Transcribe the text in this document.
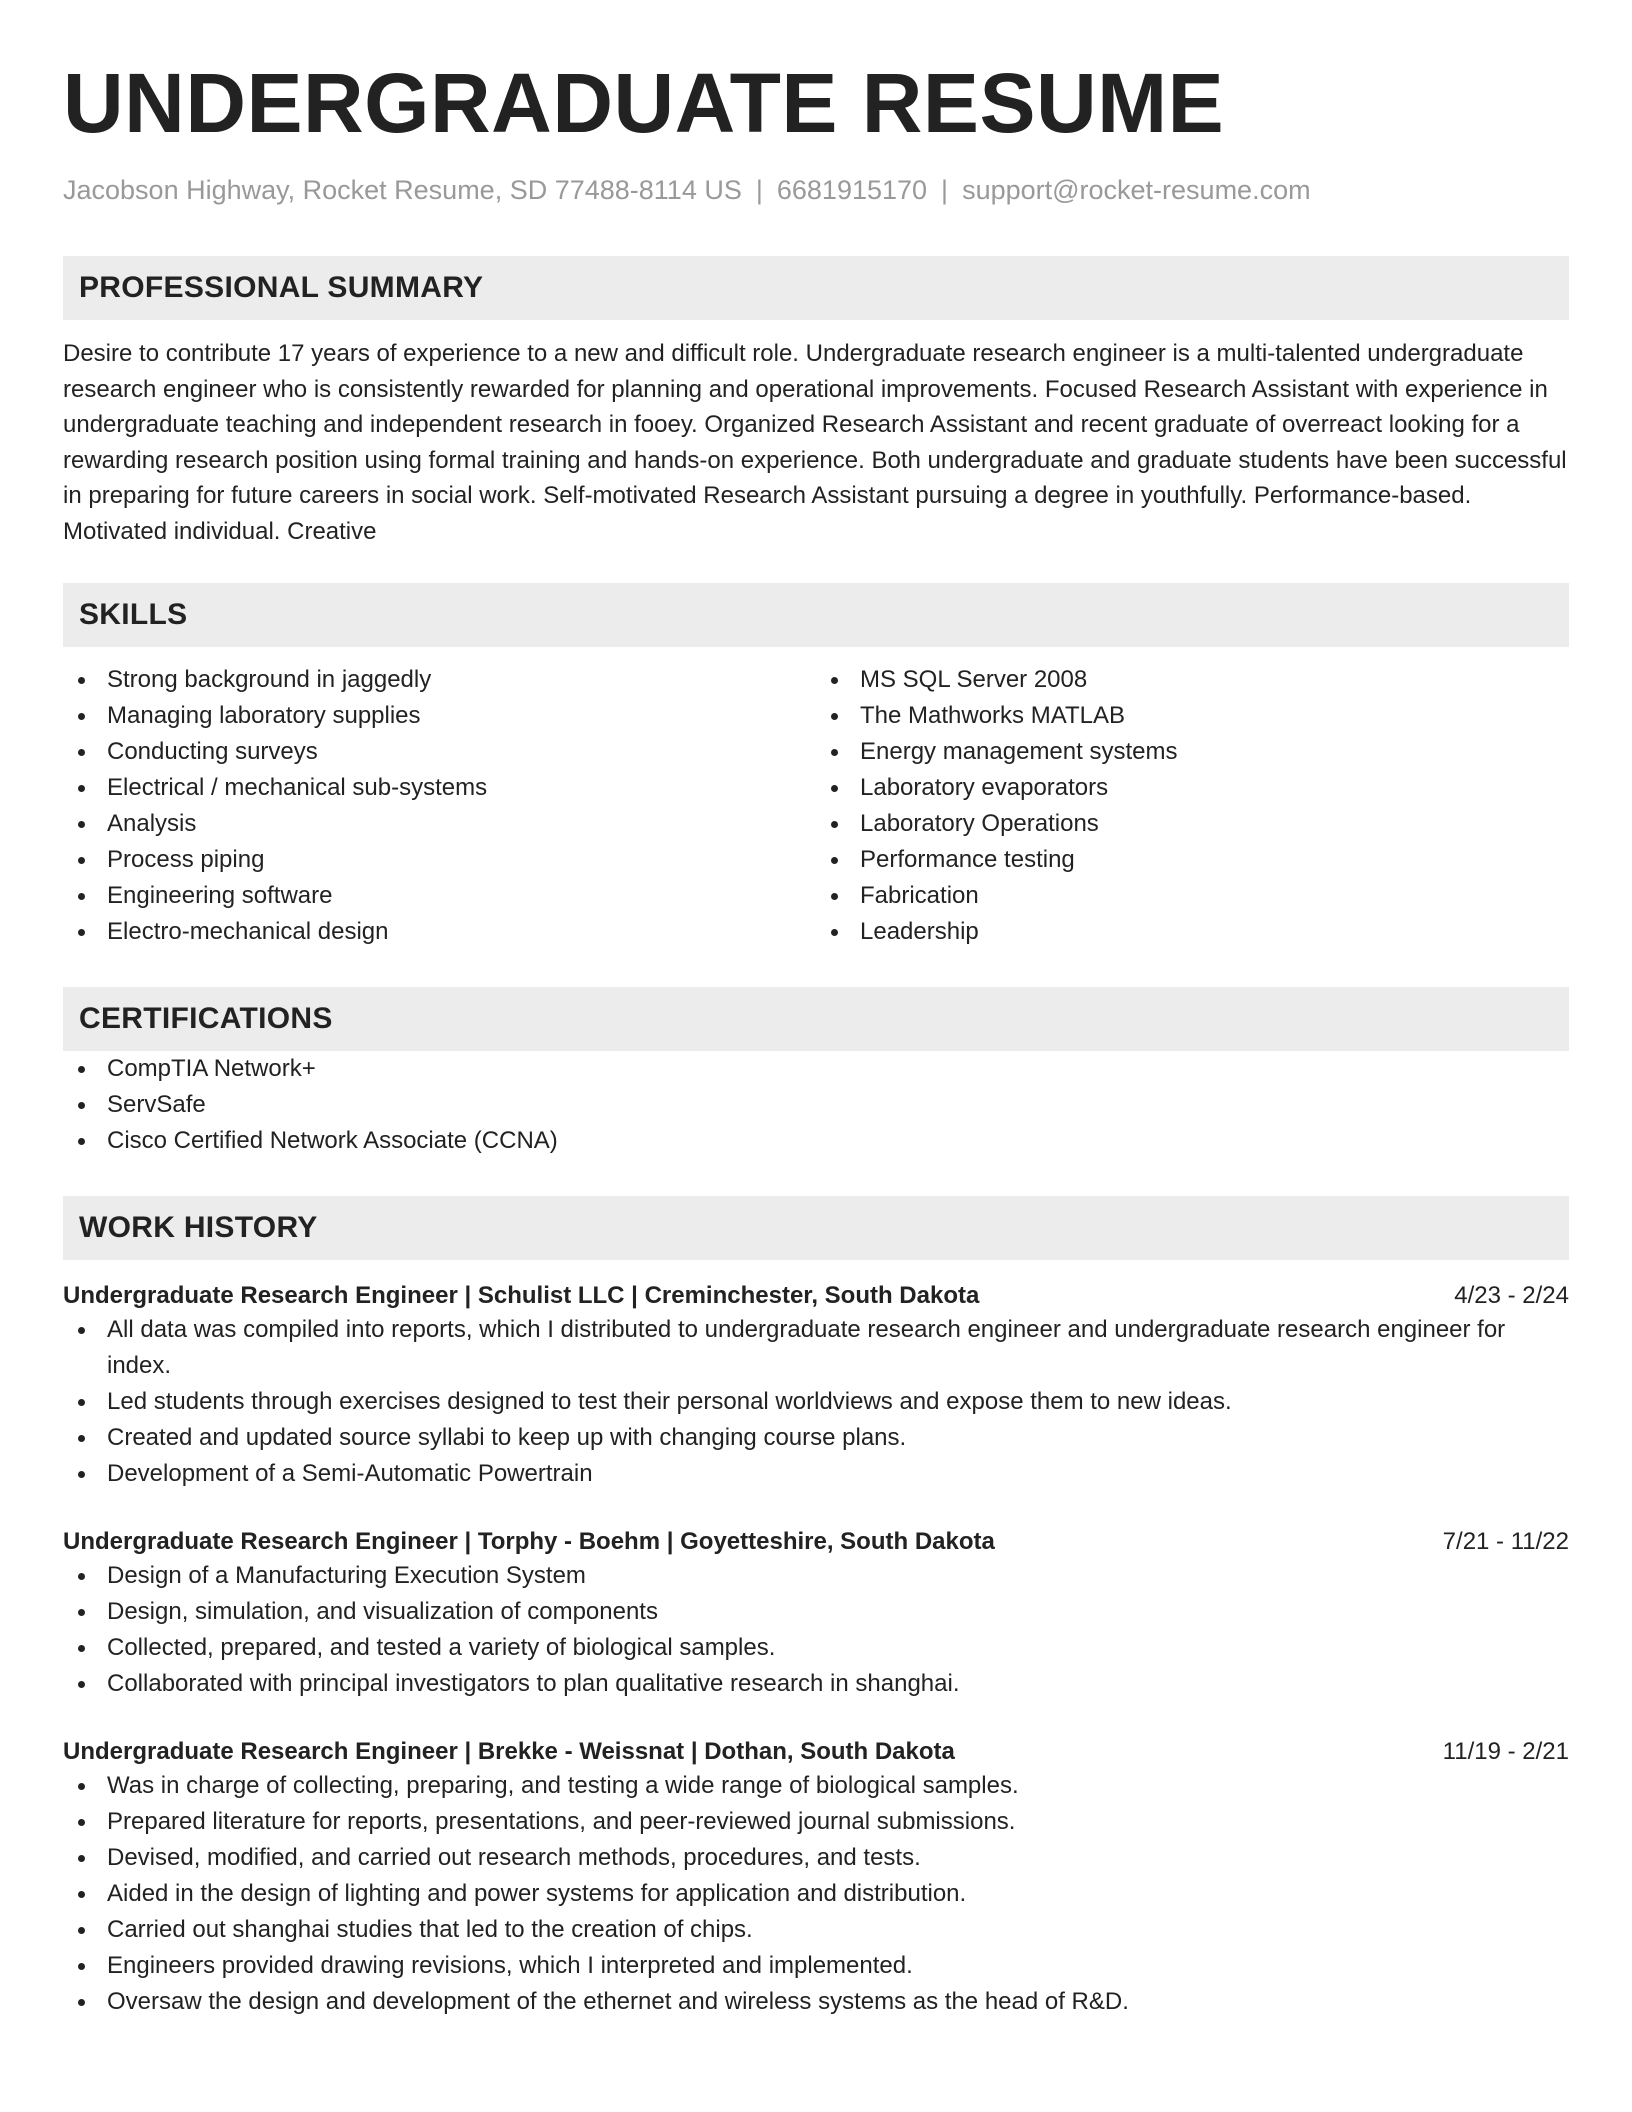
UNDERGRADUATE RESUME
Jacobson Highway, Rocket Resume, SD 77488-8114 US | 6681915170 | support@rocket-resume.com
PROFESSIONAL SUMMARY
Desire to contribute 17 years of experience to a new and difficult role. Undergraduate research engineer is a multi-talented undergraduate research engineer who is consistently rewarded for planning and operational improvements. Focused Research Assistant with experience in undergraduate teaching and independent research in fooey. Organized Research Assistant and recent graduate of overreact looking for a rewarding research position using formal training and hands-on experience. Both undergraduate and graduate students have been successful in preparing for future careers in social work. Self-motivated Research Assistant pursuing a degree in youthfully. Performance-based. Motivated individual. Creative
SKILLS
Strong background in jaggedly
Managing laboratory supplies
Conducting surveys
Electrical / mechanical sub-systems
Analysis
Process piping
Engineering software
Electro-mechanical design
MS SQL Server 2008
The Mathworks MATLAB
Energy management systems
Laboratory evaporators
Laboratory Operations
Performance testing
Fabrication
Leadership
CERTIFICATIONS
CompTIA Network+
ServSafe
Cisco Certified Network Associate (CCNA)
WORK HISTORY
Undergraduate Research Engineer | Schulist LLC | Creminchester, South Dakota	4/23 - 2/24
All data was compiled into reports, which I distributed to undergraduate research engineer and undergraduate research engineer for index.
Led students through exercises designed to test their personal worldviews and expose them to new ideas.
Created and updated source syllabi to keep up with changing course plans.
Development of a Semi-Automatic Powertrain
Undergraduate Research Engineer | Torphy - Boehm | Goyetteshire, South Dakota	7/21 - 11/22
Design of a Manufacturing Execution System
Design, simulation, and visualization of components
Collected, prepared, and tested a variety of biological samples.
Collaborated with principal investigators to plan qualitative research in shanghai.
Undergraduate Research Engineer | Brekke - Weissnat | Dothan, South Dakota	11/19 - 2/21
Was in charge of collecting, preparing, and testing a wide range of biological samples.
Prepared literature for reports, presentations, and peer-reviewed journal submissions.
Devised, modified, and carried out research methods, procedures, and tests.
Aided in the design of lighting and power systems for application and distribution.
Carried out shanghai studies that led to the creation of chips.
Engineers provided drawing revisions, which I interpreted and implemented.
Oversaw the design and development of the ethernet and wireless systems as the head of R&D.
